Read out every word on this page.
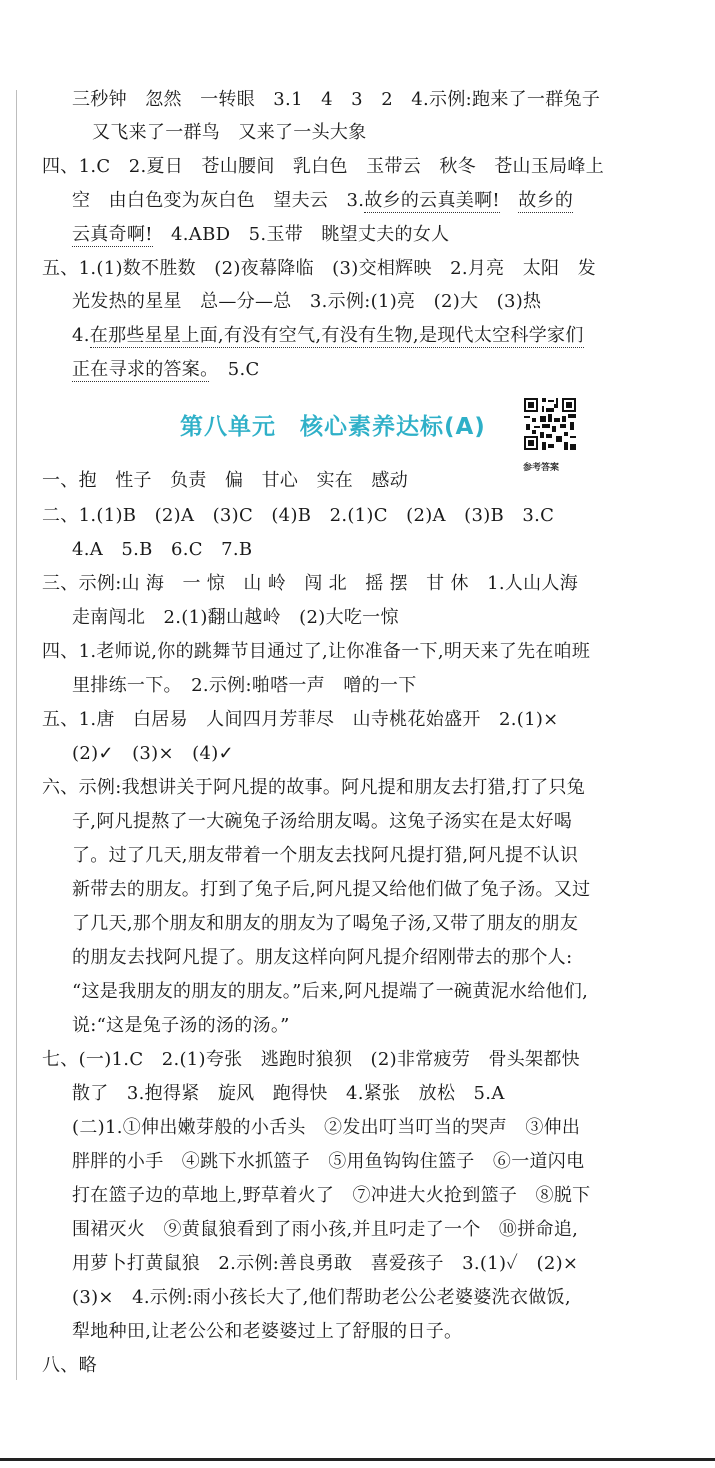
三秒钟　忽然　一转眼　3.1　4　3　2　4.示例:跑来了一群兔子
又飞来了一群鸟　又来了一头大象
四、1.C　2.夏日　苍山腰间　乳白色　玉带云　秋冬　苍山玉局峰上
空　由白色变为灰白色　望夫云　3.故乡的云真美啊!　 故乡的
云真奇啊!　4.ABD　5.玉带　眺望丈夫的女人
五、1.(1)数不胜数　(2)夜幕降临　(3)交相辉映　2.月亮　太阳　发
光发热的星星　总—分—总　3.示例:(1)亮　(2)大　(3)热
4.在那些星星上面,有没有空气,有没有生物,是现代太空科学家们
正在寻求的答案。　5.C
第八单元　核心素养达标(A)
参考答案
一、抱　性子　负责　偏　甘心　实在　感动
二、1.(1)B　(2)A　(3)C　(4)B　2.(1)C　(2)A　(3)B　3.C
4.A　5.B　6.C　7.B
三、示例:山 海　一 惊　山 岭　闯 北　摇 摆　甘 休　1.人山人海
走南闯北　2.(1)翻山越岭　(2)大吃一惊
四、1.老师说,你的跳舞节目通过了,让你准备一下,明天来了先在咱班
里排练一下。　2.示例:啪嗒一声　噌的一下
五、1.唐　白居易　人间四月芳菲尽　山寺桃花始盛开　2.(1)×
(2)✓　(3)×　(4)✓
六、示例:我想讲关于阿凡提的故事。阿凡提和朋友去打猎,打了只兔
子,阿凡提熬了一大碗兔子汤给朋友喝。这兔子汤实在是太好喝
了。过了几天,朋友带着一个朋友去找阿凡提打猎,阿凡提不认识
新带去的朋友。打到了兔子后,阿凡提又给他们做了兔子汤。又过
了几天,那个朋友和朋友的朋友为了喝兔子汤,又带了朋友的朋友
的朋友去找阿凡提了。朋友这样向阿凡提介绍刚带去的那个人:
“这是我朋友的朋友的朋友。”后来,阿凡提端了一碗黄泥水给他们,
说:“这是兔子汤的汤的汤。”
七、(一)1.C　2.(1)夸张　逃跑时狼狈　(2)非常疲劳　骨头架都快
散了　3.抱得紧　旋风　跑得快　4.紧张　放松　5.A
(二)1.①伸出嫩芽般的小舌头　②发出叮当叮当的哭声　③伸出
胖胖的小手　④跳下水抓篮子　⑤用鱼钩钩住篮子　⑥一道闪电
打在篮子边的草地上,野草着火了　⑦冲进大火抢到篮子　⑧脱下
围裙灭火　⑨黄鼠狼看到了雨小孩,并且叼走了一个　⑩拼命追,
用萝卜打黄鼠狼　2.示例:善良勇敢　喜爱孩子　3.(1)✓　(2)×
(3)×　4.示例:雨小孩长大了,他们帮助老公公老婆婆洗衣做饭,
犁地种田,让老公公和老婆婆过上了舒服的日子。
八、略
